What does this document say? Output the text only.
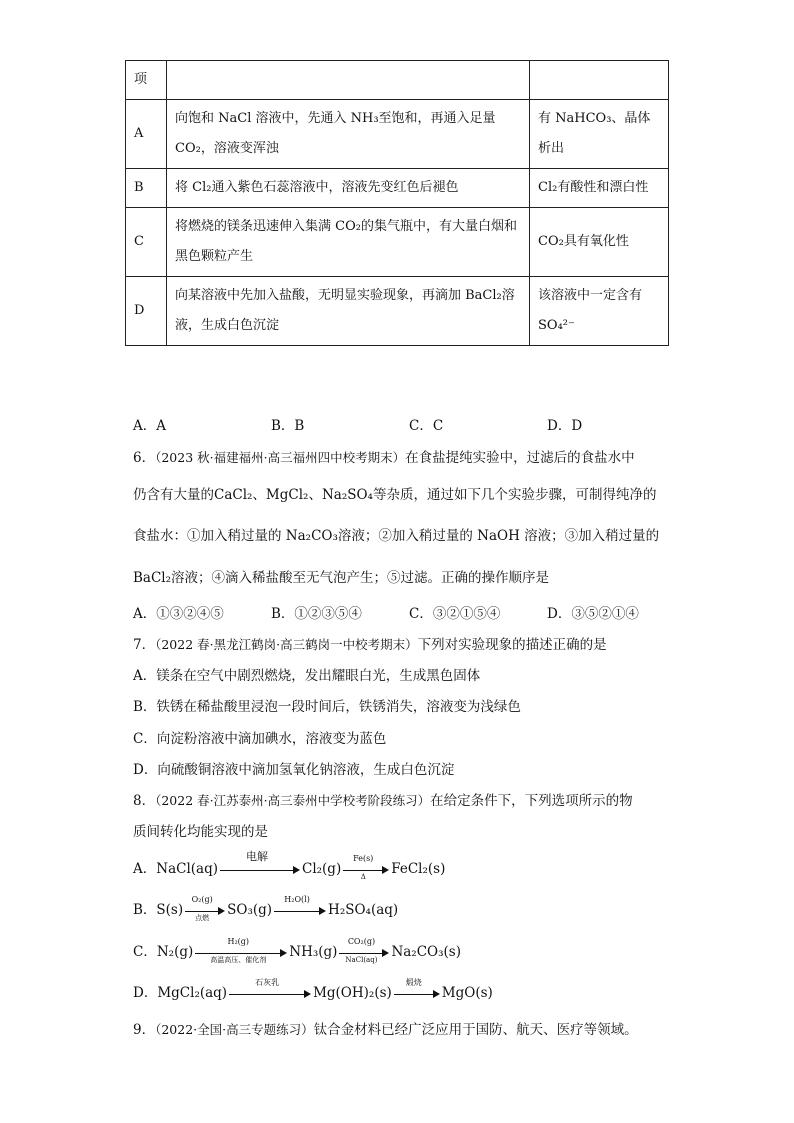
项		
A	向饱和 NaCl 溶液中，先通入 NH₃至饱和，再通入足量 CO₂，溶液变浑浊	有 NaHCO₃、晶体析出
B	将 Cl₂通入紫色石蕊溶液中，溶液先变红色后褪色	Cl₂有酸性和漂白性
C	将燃烧的镁条迅速伸入集满 CO₂的集气瓶中，有大量白烟和黑色颗粒产生	CO₂具有氧化性
D	向某溶液中先加入盐酸，无明显实验现象，再滴加 BaCl₂溶液，生成白色沉淀	该溶液中一定含有 SO₄²⁻
A．A	B．B	C．C	D．D
6．（2023 秋·福建福州·高三福州四中校考期末）在食盐提纯实验中，过滤后的食盐水中
仍含有大量的CaCl₂、MgCl₂、Na₂SO₄等杂质，通过如下几个实验步骤，可制得纯净的
食盐水：①加入稍过量的 Na₂CO₃溶液；②加入稍过量的 NaOH 溶液；③加入稍过量的
BaCl₂溶液；④滴入稀盐酸至无气泡产生；⑤过滤。正确的操作顺序是
A．①③②④⑤	B．①②③⑤④	C．③②①⑤④	D．③⑤②①④
7．（2022 春·黑龙江鹤岗·高三鹤岗一中校考期末）下列对实验现象的描述正确的是
A．镁条在空气中剧烈燃烧，发出耀眼白光，生成黑色固体
B．铁锈在稀盐酸里浸泡一段时间后，铁锈消失，溶液变为浅绿色
C．向淀粉溶液中滴加碘水，溶液变为蓝色
D．向硫酸铜溶液中滴加氢氧化钠溶液，生成白色沉淀
8．（2022 春·江苏泰州·高三泰州中学校考阶段练习）在给定条件下，下列选项所示的物
质间转化均能实现的是
A．NaCl(aq)
电解
Cl₂(g)
Fe(s)
Δ	FeCl₂(s)
B．S(s)
O₂(g)
点燃	SO₃(g)
H₂O(l)
H₂SO₄(aq)
C．N₂(g)
H₂(g)
高温高压、催化剂	NH₃(g)
CO₂(g)
NaCl(aq)	Na₂CO₃(s)
D．MgCl₂(aq)
石灰乳
Mg(OH)₂(s)
煅烧
MgO(s)
9．（2022·全国·高三专题练习）钛合金材料已经广泛应用于国防、航天、医疗等领域。
